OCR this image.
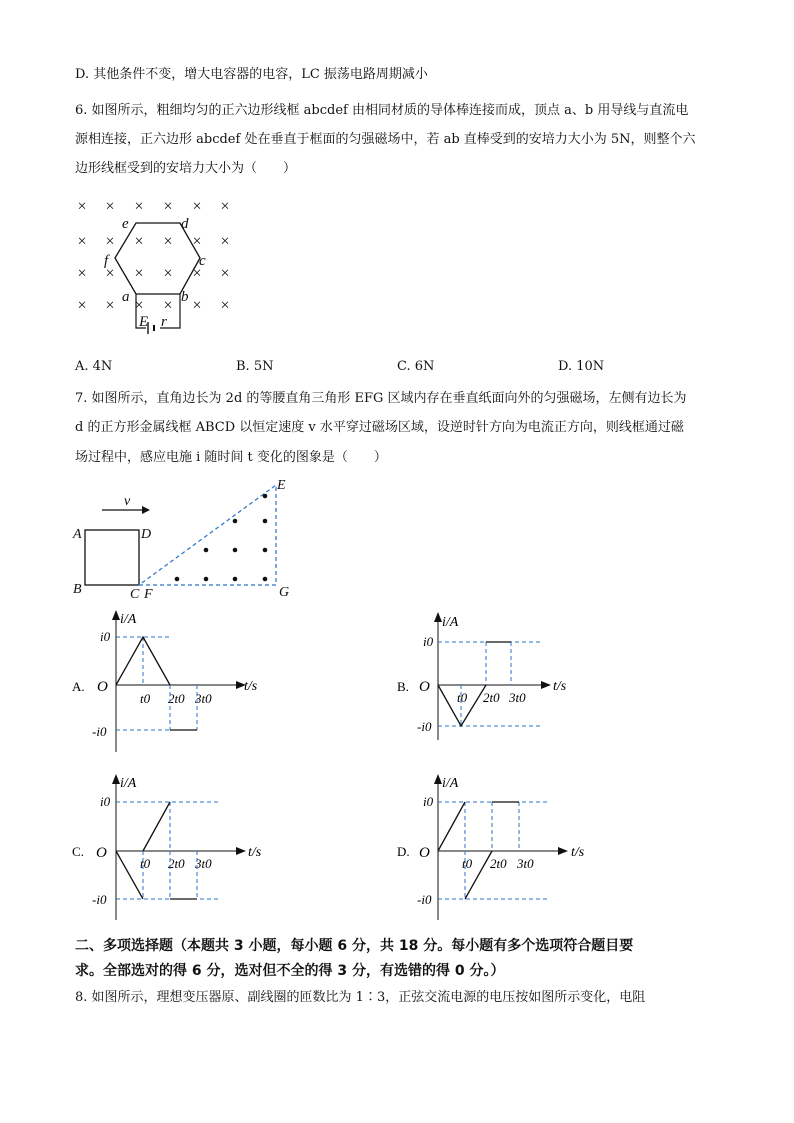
D. 其他条件不变，增大电容器的电容，LC 振荡电路周期减小
6. 如图所示，粗细均匀的正六边形线框 abcdef 由相同材质的导体棒连接而成，顶点 a、b 用导线与直流电
源相连接，正六边形 abcdef 处在垂直于框面的匀强磁场中，若 ab 直棒受到的安培力大小为 5N，则整个六
边形线框受到的安培力大小为（　　）
× × × × × ×
× × × × × ×
× × × × × ×
× × × × × ×
e	d
f	c
a	b
E r
A. 4N	B. 5N	C. 6N	D. 10N
7. 如图所示，直角边长为 2d 的等腰直角三角形 EFG 区域内存在垂直纸面向外的匀强磁场，左侧有边长为
d 的正方形金属线框 ABCD 以恒定速度 v 水平穿过磁场区域，设逆时针方向为电流正方向，则线框通过磁
场过程中，感应电施 i 随时间 t 变化的图象是（　　）
v
A	D
B	C F	G
E
A.
i/A
t/s
O
i0
-i0
t0 2t0 3t0
B.
i/A
t/s
O
i0
-i0
t0 2t0 3t0
C.
i/A
t/s
O
i0
-i0
t0 2t0 3t0
D.
i/A
t/s
O
i0
-i0
t0 2t0 3t0
二、多项选择题（本题共 3 小题，每小题 6 分，共 18 分。每小题有多个选项符合题目要
求。全部选对的得 6 分，选对但不全的得 3 分，有选错的得 0 分。）
8. 如图所示，理想变压器原、副线圈的匝数比为 1∶3，正弦交流电源的电压按如图所示变化，电阻
